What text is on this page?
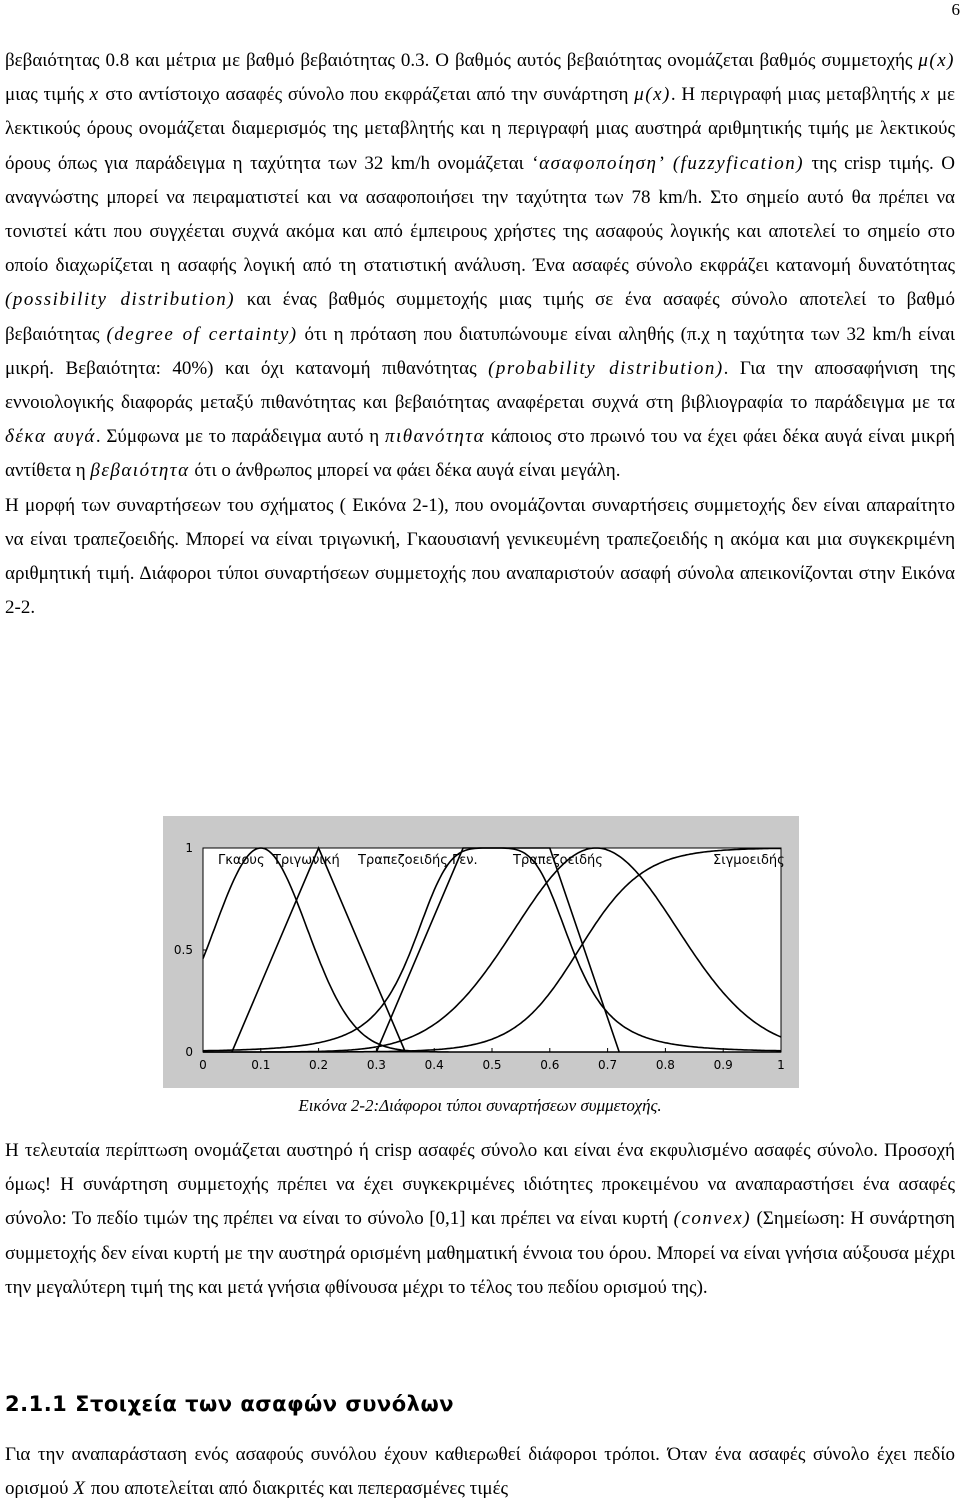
6
βεβαιότητας 0.8 και μέτρια με βαθμό βεβαιότητας 0.3. Ο βαθμός αυτός βεβαιότητας ονομάζεται βαθμός συμμετοχής μ(x) μιας τιμής x στο αντίστοιχο ασαφές σύνολο που εκφράζεται από την συνάρτηση μ(x). Η περιγραφή μιας μεταβλητής x με λεκτικούς όρους ονομάζεται διαμερισμός της μεταβλητής και η περιγραφή μιας αυστηρά αριθμητικής τιμής με λεκτικούς όρους όπως για παράδειγμα η ταχύτητα των 32 km/h ονομάζεται ‘ασαφοποίηση’ (fuzzyfication) της crisp τιμής. Ο αναγνώστης μπορεί να πειραματιστεί και να ασαφοποιήσει την ταχύτητα των 78 km/h. Στο σημείο αυτό θα πρέπει να τονιστεί κάτι που συγχέεται συχνά ακόμα και από έμπειρους χρήστες της ασαφούς λογικής και αποτελεί το σημείο στο οποίο διαχωρίζεται η ασαφής λογική από τη στατιστική ανάλυση. Ένα ασαφές σύνολο εκφράζει κατανομή δυνατότητας (possibility distribution) και ένας βαθμός συμμετοχής μιας τιμής σε ένα ασαφές σύνολο αποτελεί το βαθμό βεβαιότητας (degree of certainty) ότι η πρόταση που διατυπώνουμε είναι αληθής (π.χ η ταχύτητα των 32 km/h είναι μικρή. Βεβαιότητα: 40%) και όχι κατανομή πιθανότητας (probability distribution). Για την αποσαφήνιση της εννοιολογικής διαφοράς μεταξύ πιθανότητας και βεβαιότητας αναφέρεται συχνά στη βιβλιογραφία το παράδειγμα με τα δέκα αυγά. Σύμφωνα με το παράδειγμα αυτό η πιθανότητα κάποιος στο πρωινό του να έχει φάει δέκα αυγά είναι μικρή αντίθετα η βεβαιότητα ότι ο άνθρωπος μπορεί να φάει δέκα αυγά είναι μεγάλη.
Η μορφή των συναρτήσεων του σχήματος ( Εικόνα 2-1), που ονομάζονται συναρτήσεις συμμετοχής δεν είναι απαραίτητο να είναι τραπεζοειδής. Μπορεί να είναι τριγωνική, Γκαουσιανή γενικευμένη τραπεζοειδής η ακόμα και μια συγκεκριμένη αριθμητική τιμή. Διάφοροι τύποι συναρτήσεων συμμετοχής που αναπαριστούν ασαφή σύνολα απεικονίζονται στην Εικόνα 2-2.
0	0.1	0.2	0.3	0.4	0.5	0.6	0.7	0.8	0.9	1
0
0.5
1
Γκαους Τριγωνική Τραπεζοειδής Γεν.	Τραπεζοειδής	Σιγμοειδής
Εικόνα 2-2:Διάφοροι τύποι συναρτήσεων συμμετοχής.
Η τελευταία περίπτωση ονομάζεται αυστηρό ή crisp ασαφές σύνολο και είναι ένα εκφυλισμένο ασαφές σύνολο. Προσοχή όμως! Η συνάρτηση συμμετοχής πρέπει να έχει συγκεκριμένες ιδιότητες προκειμένου να αναπαραστήσει ένα ασαφές σύνολο: Το πεδίο τιμών της πρέπει να είναι το σύνολο [0,1] και πρέπει να είναι κυρτή (convex) (Σημείωση: Η συνάρτηση συμμετοχής δεν είναι κυρτή με την αυστηρά ορισμένη μαθηματική έννοια του όρου. Μπορεί να είναι γνήσια αύξουσα μέχρι την μεγαλύτερη τιμή της και μετά γνήσια φθίνουσα μέχρι το τέλος του πεδίου ορισμού της).
2.1.1 Στοιχεία των ασαφών συνόλων
Για την αναπαράσταση ενός ασαφούς συνόλου έχουν καθιερωθεί διάφοροι τρόποι. Όταν ένα ασαφές σύνολο έχει πεδίο ορισμού X που αποτελείται από διακριτές και πεπερασμένες τιμές
